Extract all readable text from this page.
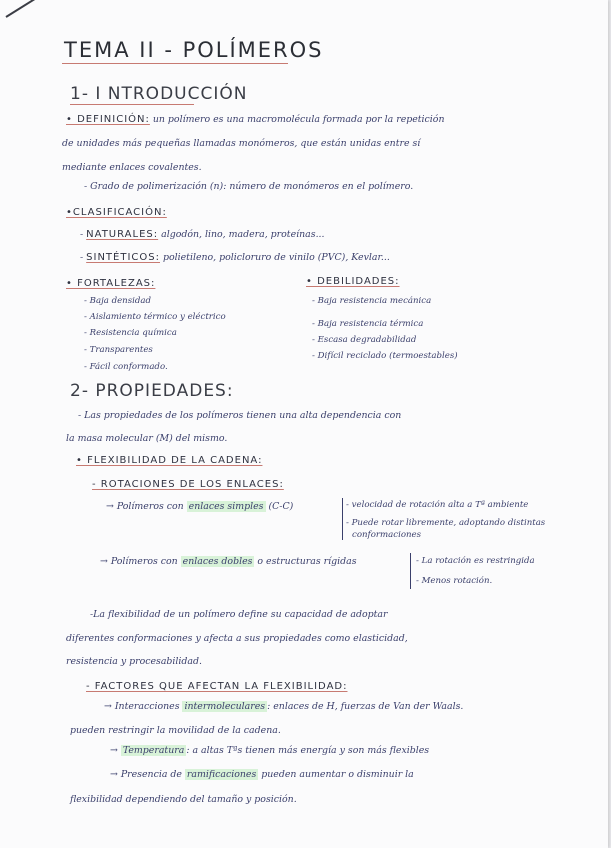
TEMA II - POLÍMEROS
1- I NTRODUCCIÓN
• DEFINICIÓN: un polímero es una macromolécula formada por la repetición
de unidades más pequeñas llamadas monómeros, que están unidas entre sí
mediante enlaces covalentes.
- Grado de polimerización (n): número de monómeros en el polímero.
•CLASIFICACIÓN:
- NATURALES: algodón, lino, madera, proteínas...
- SINTÉTICOS: polietileno, policloruro de vinilo (PVC), Kevlar...
• FORTALEZAS:
- Baja densidad
- Aislamiento térmico y eléctrico
- Resistencia química
- Transparentes
- Fácil conformado.
• DEBILIDADES:
- Baja resistencia mecánica
- Baja resistencia térmica
- Escasa degradabilidad
- Difícil reciclado (termoestables)
2- PROPIEDADES:
- Las propiedades de los polímeros tienen una alta dependencia con
la masa molecular (M) del mismo.
• FLEXIBILIDAD DE LA CADENA:
- ROTACIONES DE LOS ENLACES:
→ Polímeros con enlaces simples (C-C)	- velocidad de rotación alta a Tª ambiente
- Puede rotar libremente, adoptando distintas
conformaciones
→ Polímeros con enlaces dobles o estructuras rígidas	- La rotación es restringida
- Menos rotación.
-La flexibilidad de un polímero define su capacidad de adoptar
diferentes conformaciones y afecta a sus propiedades como elasticidad,
resistencia y procesabilidad.
- FACTORES QUE AFECTAN LA FLEXIBILIDAD:
→ Interacciones intermoleculares : enlaces de H, fuerzas de Van der Waals.
pueden restringir la movilidad de la cadena.
→ Temperatura : a altas Tªs tienen más energía y son más flexibles
→ Presencia de ramificaciones pueden aumentar o disminuir la
flexibilidad dependiendo del tamaño y posición.
